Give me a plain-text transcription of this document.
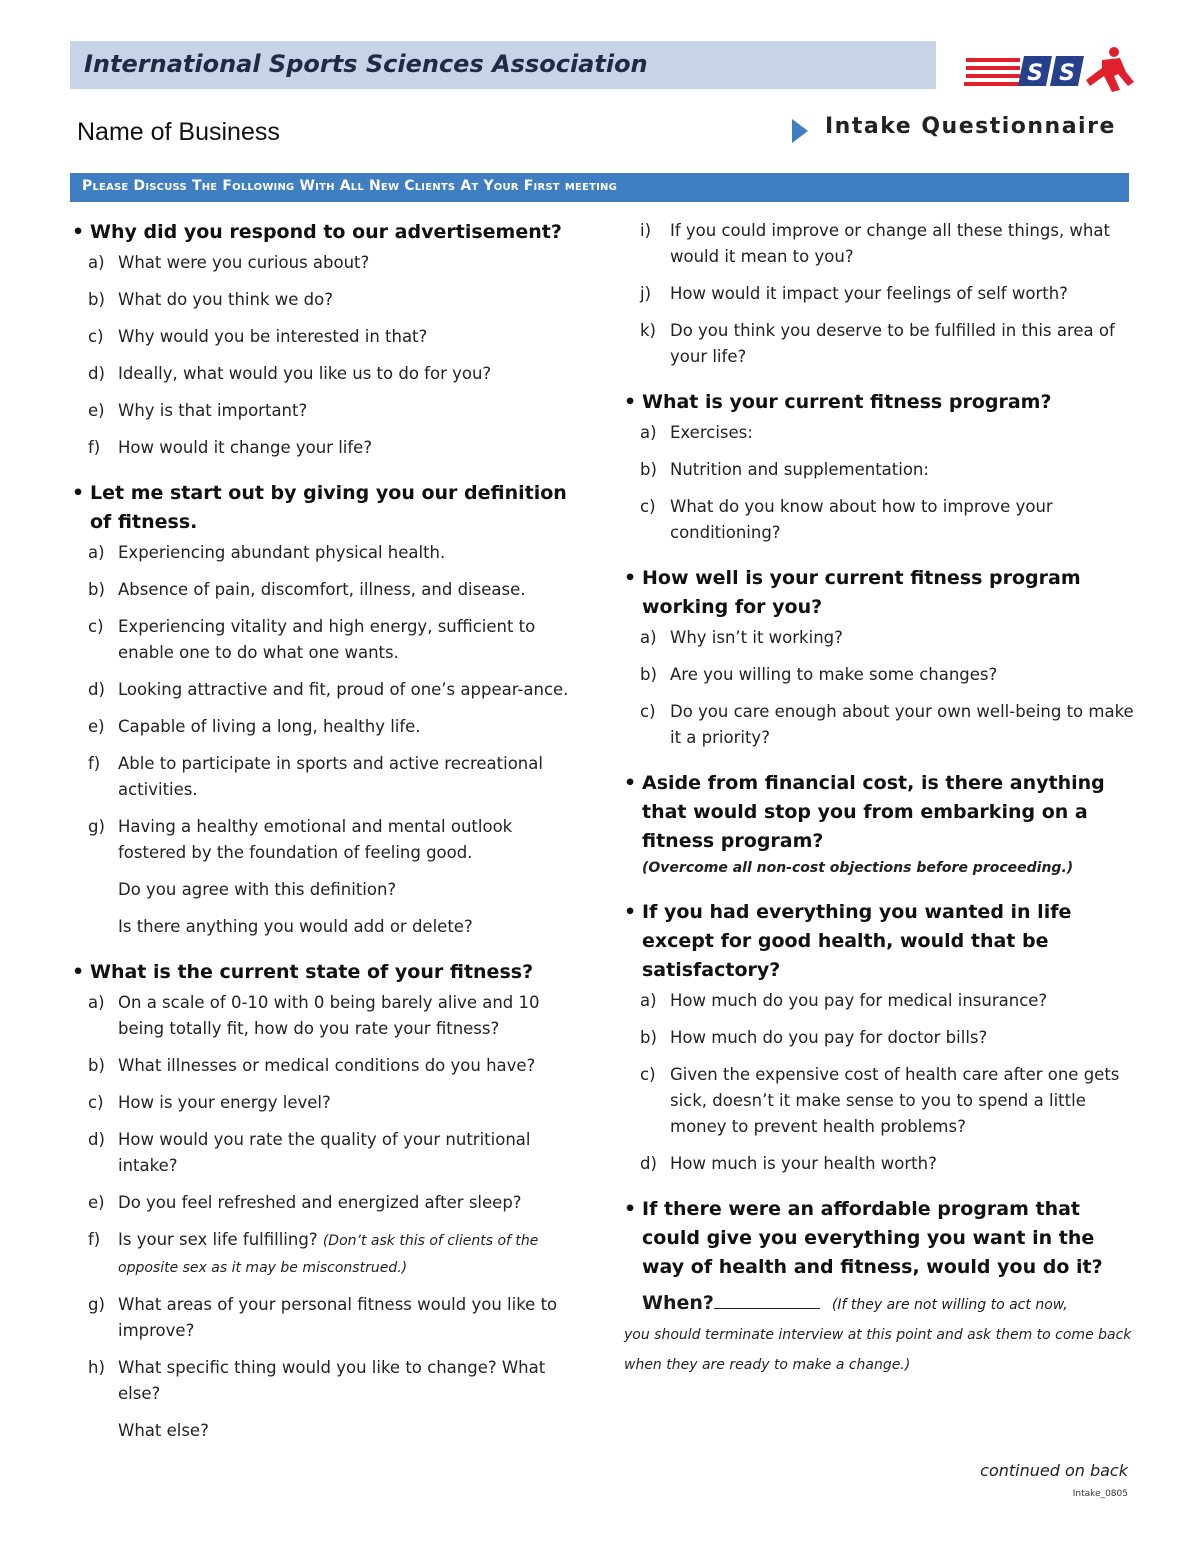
International Sports Sciences Association	S S
Name of Business	Intake Questionnaire
Please Discuss The Following With All New Clients At Your First meeting
• Why did you respond to our advertisement?
a) What were you curious about?
b) What do you think we do?
c) Why would you be interested in that?
d) Ideally, what would you like us to do for you?
e) Why is that important?
f) How would it change your life?
• Let me start out by giving you our definition of fitness.
a) Experiencing abundant physical health.
b) Absence of pain, discomfort, illness, and disease.
c) Experiencing vitality and high energy, sufficient to enable one to do what one wants.
d) Looking attractive and fit, proud of one’s appear-ance.
e) Capable of living a long, healthy life.
f) Able to participate in sports and active recreational activities.
g) Having a healthy emotional and mental outlook fostered by the foundation of feeling good.
Do you agree with this definition?
Is there anything you would add or delete?
• What is the current state of your fitness?
a) On a scale of 0-10 with 0 being barely alive and 10 being totally fit, how do you rate your fitness?
b) What illnesses or medical conditions do you have?
c) How is your energy level?
d) How would you rate the quality of your nutritional intake?
e) Do you feel refreshed and energized after sleep?
f) Is your sex life fulfilling? (Don’t ask this of clients of the opposite sex as it may be misconstrued.)
g) What areas of your personal fitness would you like to improve?
h) What specific thing would you like to change? What else?
What else?
i) If you could improve or change all these things, what would it mean to you?
j) How would it impact your feelings of self worth?
k) Do you think you deserve to be fulfilled in this area of your life?
• What is your current fitness program?
a) Exercises:
b) Nutrition and supplementation:
c) What do you know about how to improve your conditioning?
• How well is your current fitness program working for you?
a) Why isn’t it working?
b) Are you willing to make some changes?
c) Do you care enough about your own well-being to make it a priority?
• Aside from financial cost, is there anything that would stop you from embarking on a fitness program?
(Overcome all non-cost objections before proceeding.)
• If you had everything you wanted in life except for good health, would that be satisfactory?
a) How much do you pay for medical insurance?
b) How much do you pay for doctor bills?
c) Given the expensive cost of health care after one gets sick, doesn’t it make sense to you to spend a little money to prevent health problems?
d) How much is your health worth?
• If there were an affordable program that could give you everything you want in the way of health and fitness, would you do it?
When?	(If they are not willing to act now,
you should terminate interview at this point and ask them to come back when they are ready to make a change.)
continued on back
Intake_0805
